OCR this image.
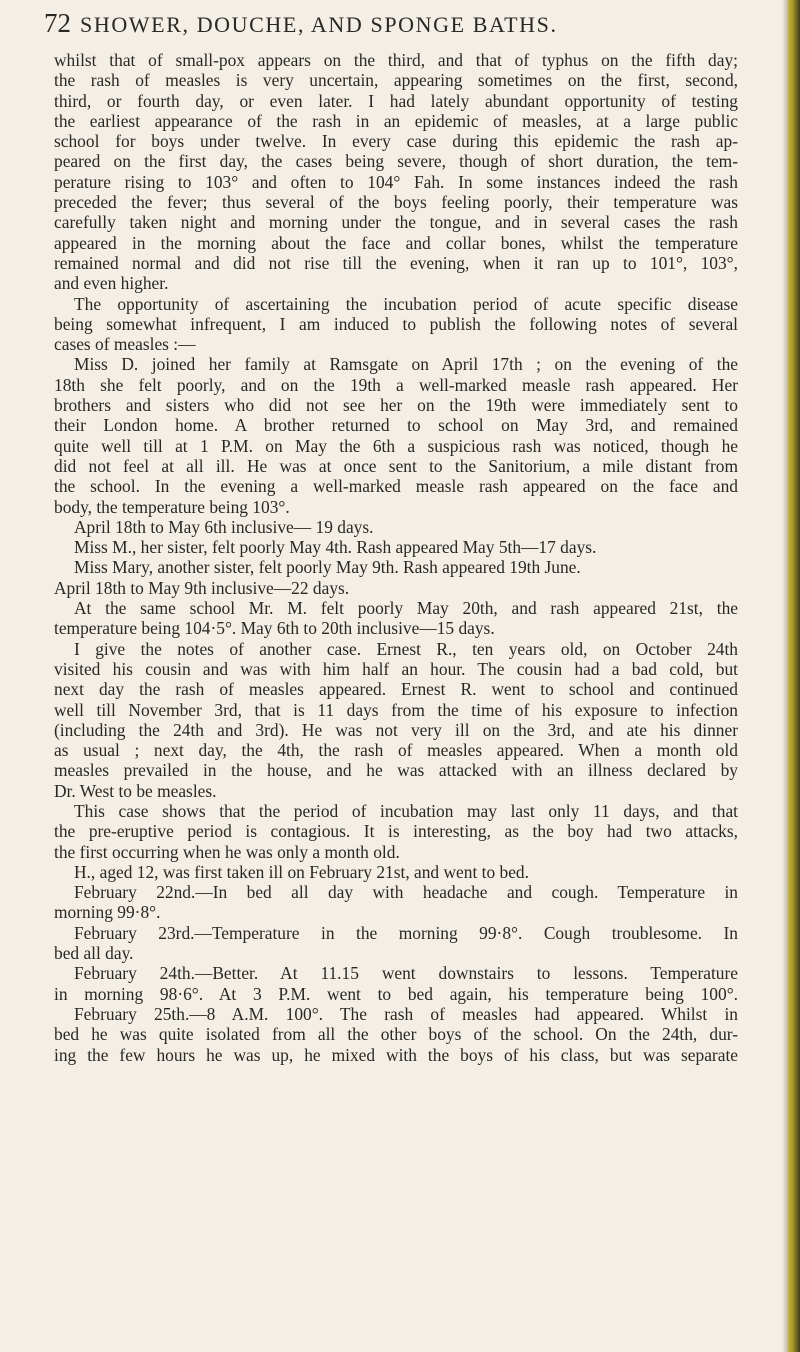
72 SHOWER, DOUCHE, AND SPONGE BATHS.
whilst that of small-pox appears on the third, and that of typhus on the fifth day;
the rash of measles is very uncertain, appearing sometimes on the first, second,
third, or fourth day, or even later. I had lately abundant opportunity of testing
the earliest appearance of the rash in an epidemic of measles, at a large public
school for boys under twelve. In every case during this epidemic the rash ap-
peared on the first day, the cases being severe, though of short duration, the tem-
perature rising to 103° and often to 104° Fah. In some instances indeed the rash
preceded the fever; thus several of the boys feeling poorly, their temperature was
carefully taken night and morning under the tongue, and in several cases the rash
appeared in the morning about the face and collar bones, whilst the temperature
remained normal and did not rise till the evening, when it ran up to 101°, 103°,
and even higher.
The opportunity of ascertaining the incubation period of acute specific disease
being somewhat infrequent, I am induced to publish the following notes of several
cases of measles :—
Miss D. joined her family at Ramsgate on April 17th ; on the evening of the
18th she felt poorly, and on the 19th a well-marked measle rash appeared. Her
brothers and sisters who did not see her on the 19th were immediately sent to
their London home. A brother returned to school on May 3rd, and remained
quite well till at 1 P.M. on May the 6th a suspicious rash was noticed, though he
did not feel at all ill. He was at once sent to the Sanitorium, a mile distant from
the school. In the evening a well-marked measle rash appeared on the face and
body, the temperature being 103°.
April 18th to May 6th inclusive— 19 days.
Miss M., her sister, felt poorly May 4th. Rash appeared May 5th—17 days.
Miss Mary, another sister, felt poorly May 9th. Rash appeared 19th June.
April 18th to May 9th inclusive—22 days.
At the same school Mr. M. felt poorly May 20th, and rash appeared 21st, the
temperature being 104·5°. May 6th to 20th inclusive—15 days.
I give the notes of another case. Ernest R., ten years old, on October 24th
visited his cousin and was with him half an hour. The cousin had a bad cold, but
next day the rash of measles appeared. Ernest R. went to school and continued
well till November 3rd, that is 11 days from the time of his exposure to infection
(including the 24th and 3rd). He was not very ill on the 3rd, and ate his dinner
as usual ; next day, the 4th, the rash of measles appeared. When a month old
measles prevailed in the house, and he was attacked with an illness declared by
Dr. West to be measles.
This case shows that the period of incubation may last only 11 days, and that
the pre-eruptive period is contagious. It is interesting, as the boy had two attacks,
the first occurring when he was only a month old.
H., aged 12, was first taken ill on February 21st, and went to bed.
February 22nd.—In bed all day with headache and cough. Temperature in
morning 99·8°.
February 23rd.—Temperature in the morning 99·8°. Cough troublesome. In
bed all day.
February 24th.—Better. At 11.15 went downstairs to lessons. Temperature
in morning 98·6°. At 3 P.M. went to bed again, his temperature being 100°.
February 25th.—8 A.M. 100°. The rash of measles had appeared. Whilst in
bed he was quite isolated from all the other boys of the school. On the 24th, dur-
ing the few hours he was up, he mixed with the boys of his class, but was separate
